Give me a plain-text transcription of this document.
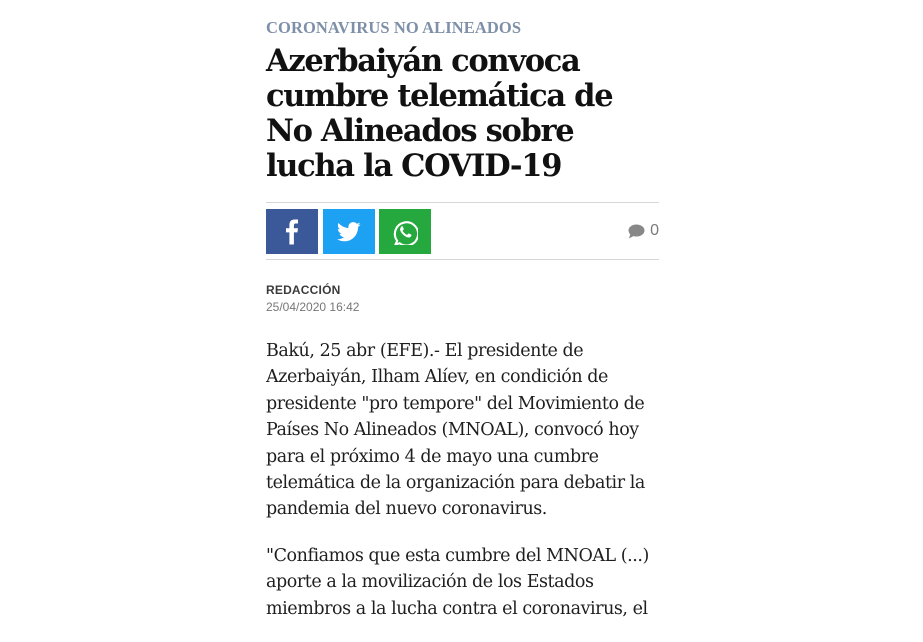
CORONAVIRUS NO ALINEADOS
Azerbaiyán convoca cumbre telemática de No Alineados sobre lucha la COVID-19
0
REDACCIÓN
25/04/2020 16:42

Bakú, 25 abr (EFE).- El presidente de Azerbaiyán, Ilham Alíev, en condición de presidente "pro tempore" del Movimiento de Países No Alineados (MNOAL), convocó hoy para el próximo 4 de mayo una cumbre telemática de la organización para debatir la pandemia del nuevo coronavirus.

"Confiamos que esta cumbre del MNOAL (...) aporte a la movilización de los Estados miembros a la lucha contra el coronavirus, el
